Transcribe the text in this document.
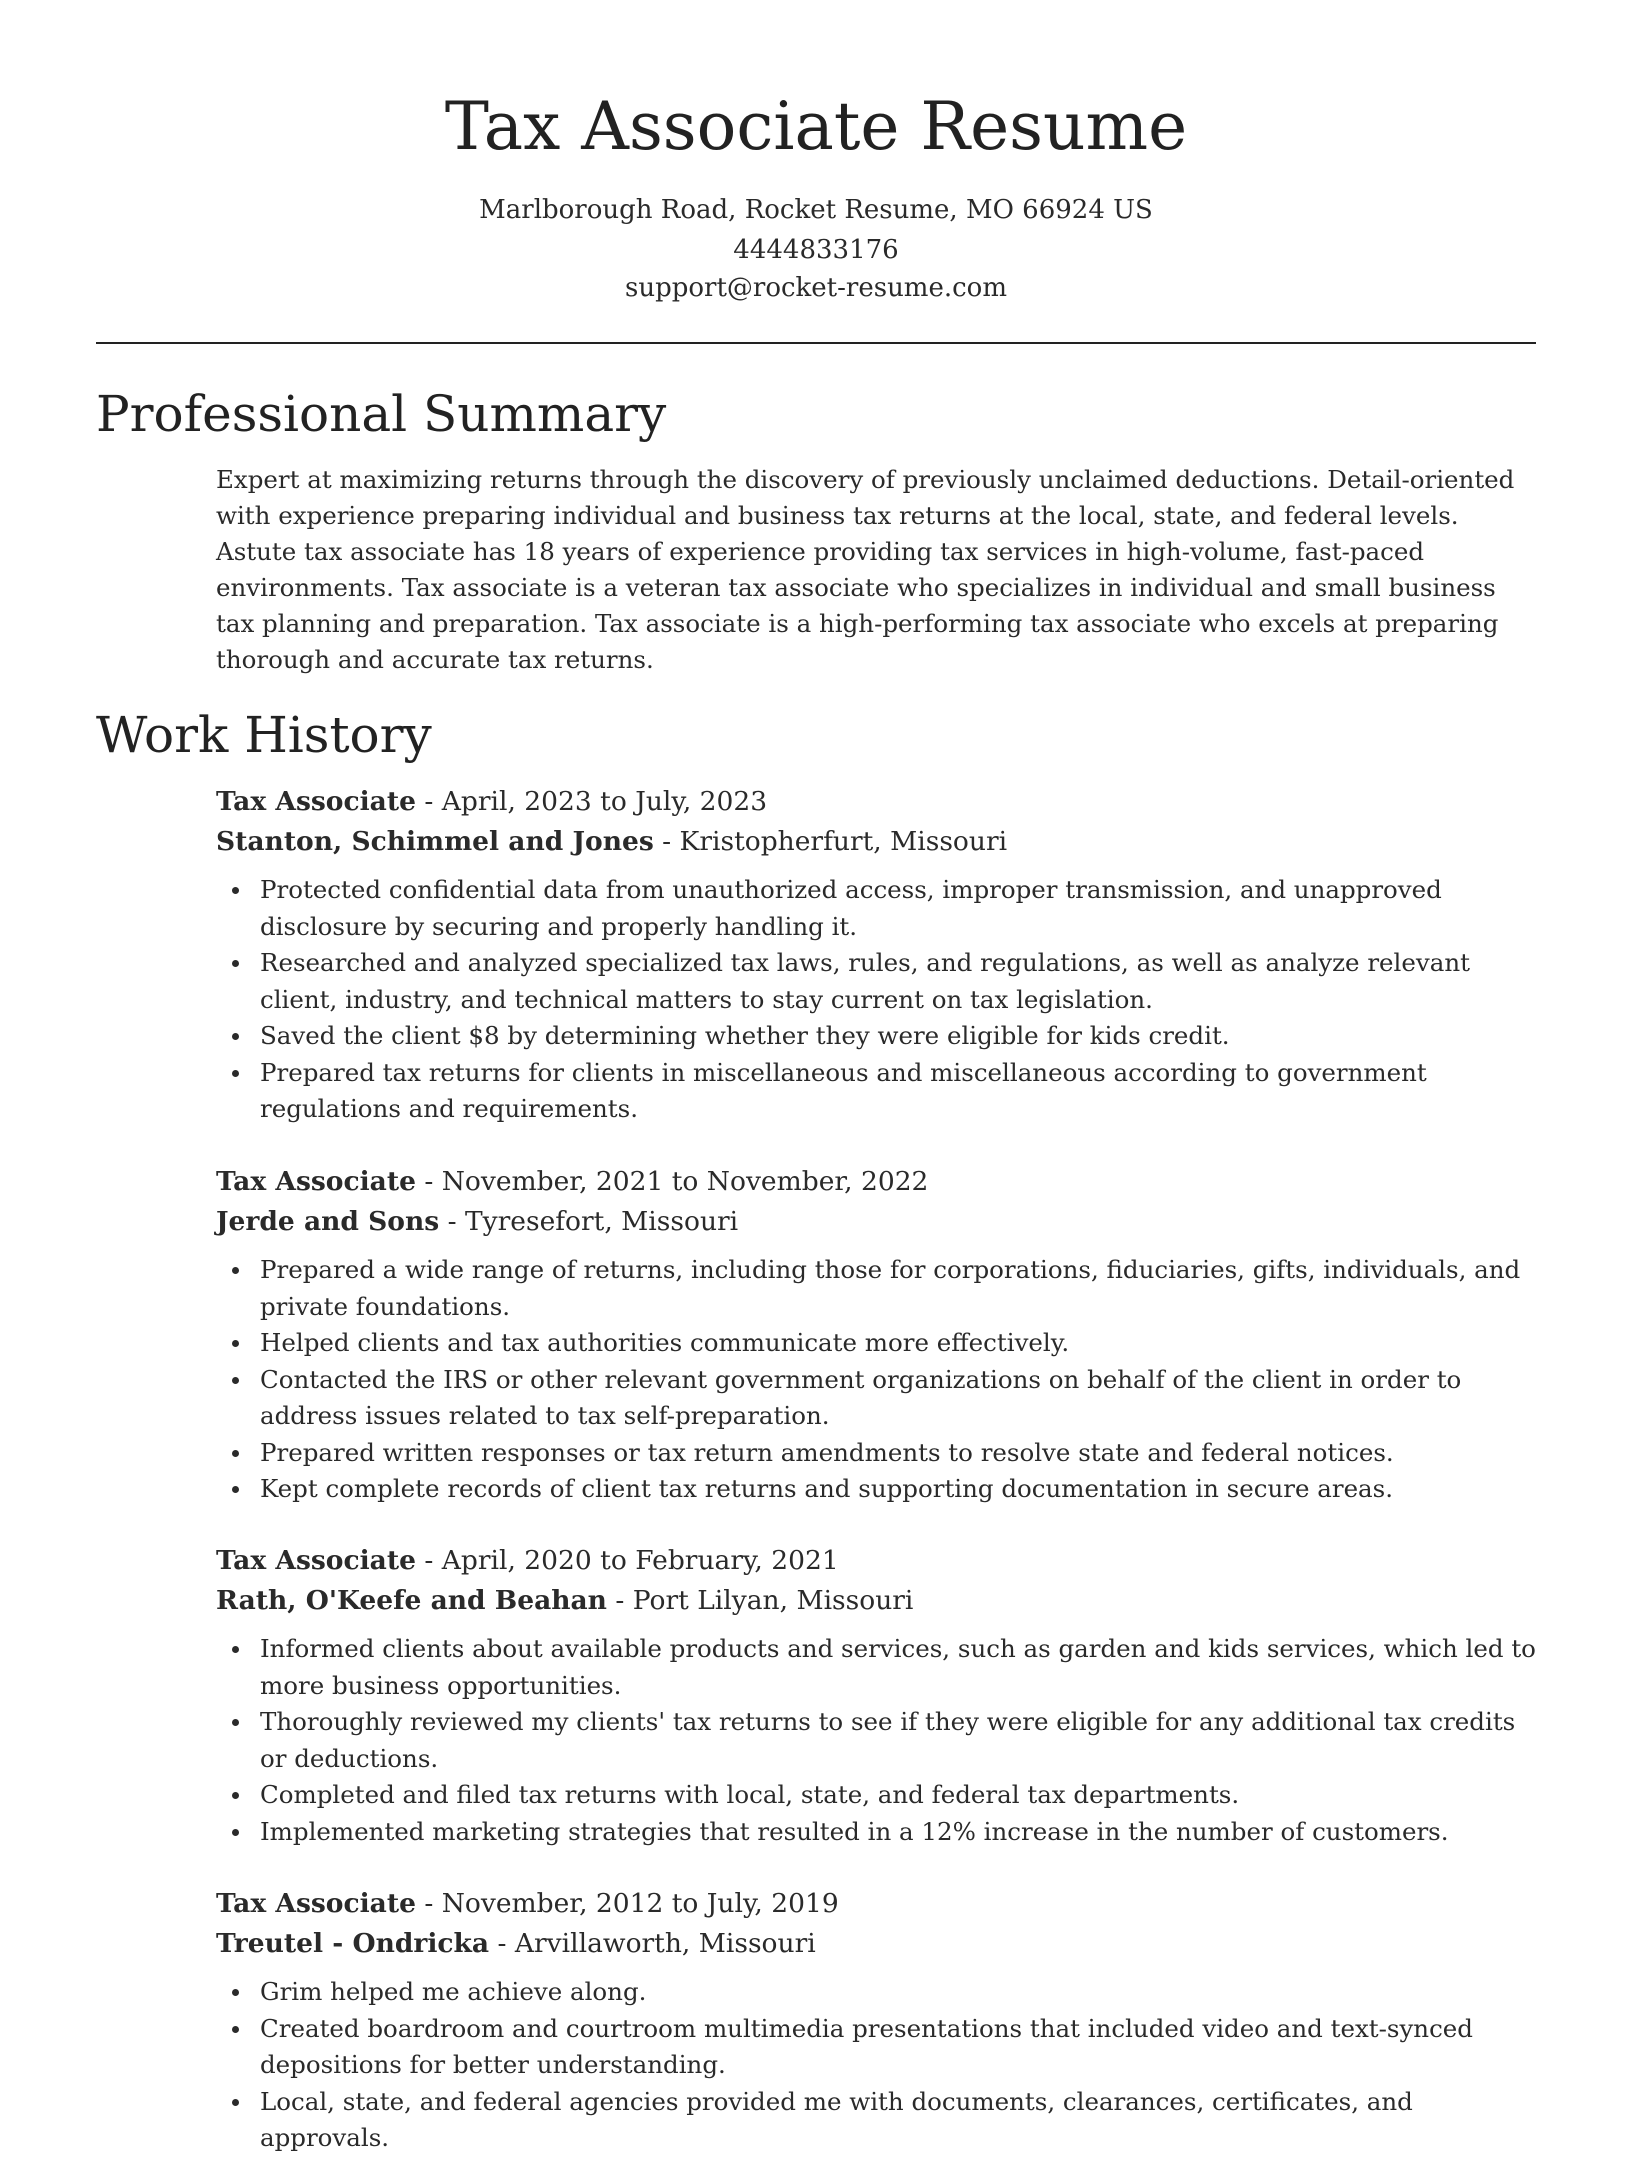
Tax Associate Resume
Marlborough Road, Rocket Resume, MO 66924 US
4444833176
support@rocket-resume.com
Professional Summary

Expert at maximizing returns through the discovery of previously unclaimed deductions. Detail-oriented with experience preparing individual and business tax returns at the local, state, and federal levels. Astute tax associate has 18 years of experience providing tax services in high-volume, fast-paced environments. Tax associate is a veteran tax associate who specializes in individual and small business tax planning and preparation. Tax associate is a high-performing tax associate who excels at preparing thorough and accurate tax returns.

Work History
Tax Associate - April, 2023 to July, 2023
Stanton, Schimmel and Jones - Kristopherfurt, Missouri
Protected confidential data from unauthorized access, improper transmission, and unapproved disclosure by securing and properly handling it.
Researched and analyzed specialized tax laws, rules, and regulations, as well as analyze relevant client, industry, and technical matters to stay current on tax legislation.
Saved the client $8 by determining whether they were eligible for kids credit.
Prepared tax returns for clients in miscellaneous and miscellaneous according to government regulations and requirements.
Tax Associate - November, 2021 to November, 2022
Jerde and Sons - Tyresefort, Missouri
Prepared a wide range of returns, including those for corporations, fiduciaries, gifts, individuals, and private foundations.
Helped clients and tax authorities communicate more effectively.
Contacted the IRS or other relevant government organizations on behalf of the client in order to address issues related to tax self-preparation.
Prepared written responses or tax return amendments to resolve state and federal notices.
Kept complete records of client tax returns and supporting documentation in secure areas.
Tax Associate - April, 2020 to February, 2021
Rath, O'Keefe and Beahan - Port Lilyan, Missouri
Informed clients about available products and services, such as garden and kids services, which led to more business opportunities.
Thoroughly reviewed my clients' tax returns to see if they were eligible for any additional tax credits or deductions.
Completed and filed tax returns with local, state, and federal tax departments.
Implemented marketing strategies that resulted in a 12% increase in the number of customers.
Tax Associate - November, 2012 to July, 2019
Treutel - Ondricka - Arvillaworth, Missouri
Grim helped me achieve along.
Created boardroom and courtroom multimedia presentations that included video and text-synced depositions for better understanding.
Local, state, and federal agencies provided me with documents, clearances, certificates, and approvals.
